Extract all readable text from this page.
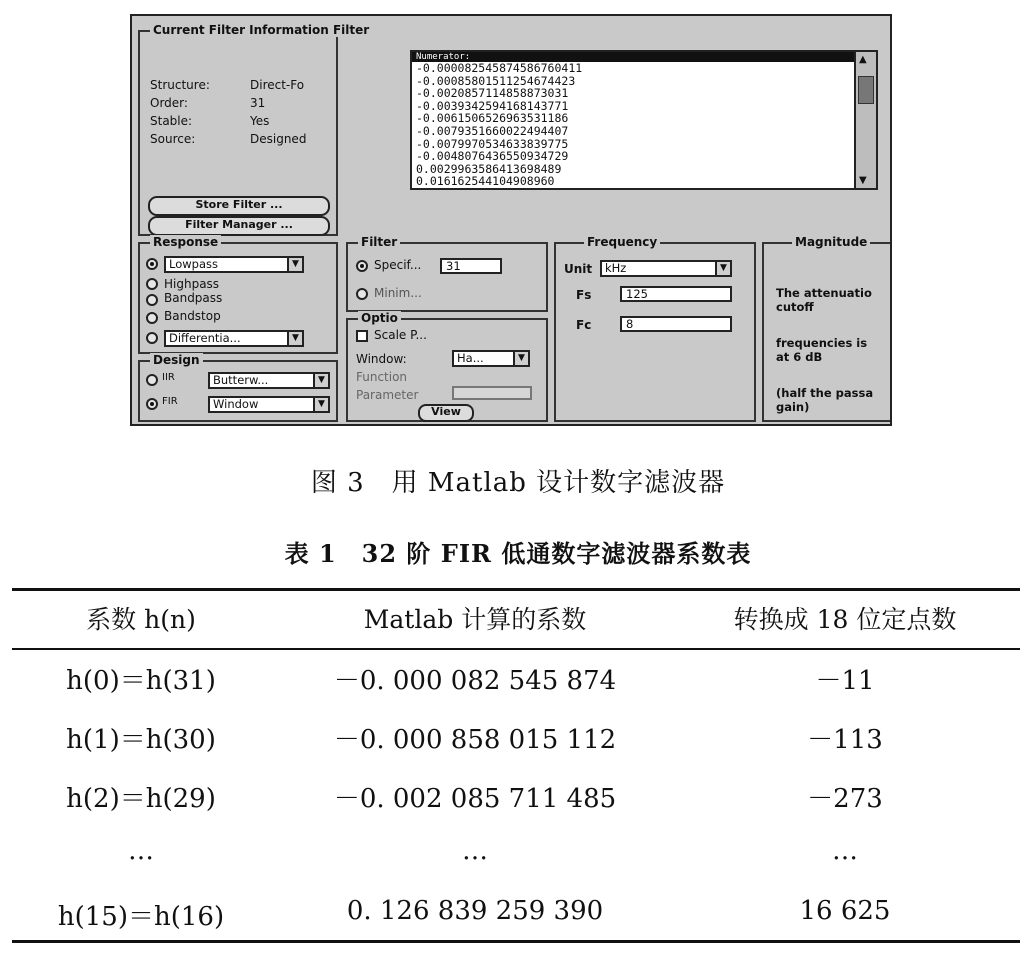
Current Filter Information Filter
Structure:	Direct-Fo
Order:	31
Stable:	Yes
Source:	Designed
Store Filter ...
Filter Manager ...
Numerator:
-0.000082545874586760411
-0.00085801511254674423
-0.0020857114858873031
-0.0039342594168143771
-0.0061506526963531186
-0.0079351660022494407
-0.0079970534633839775
-0.0048076436550934729
0.0029963586413698489
0.016162544104908960
▲
▼
Response
Lowpass	▼
Highpass
Bandpass
Bandstop
Differentia...	▼
Design
IIR	Butterw...	▼
FIR	Window	▼
Filter
Specif...	31
Minim...
Optio
Scale P...
Window:	Ha...	▼
Function
Parameter
View
Frequency
Unit	kHz	▼
Fs	125
Fc	8
Magnitude
The attenuatio
cutoff
frequencies is
at 6 dB
(half the passa
gain)
图 3　用 Matlab 设计数字滤波器
表 1　32 阶 FIR 低通数字滤波器系数表
系数 h(n)	Matlab 计算的系数	转换成 18 位定点数
h(0)＝h(31)	－0. 000 082 545 874	－11
h(1)＝h(30)	－0. 000 858 015 112	－113
h(2)＝h(29)	－0. 002 085 711 485	－273
…	…	…
h(15)＝h(16)	0. 126 839 259 390	16 625
